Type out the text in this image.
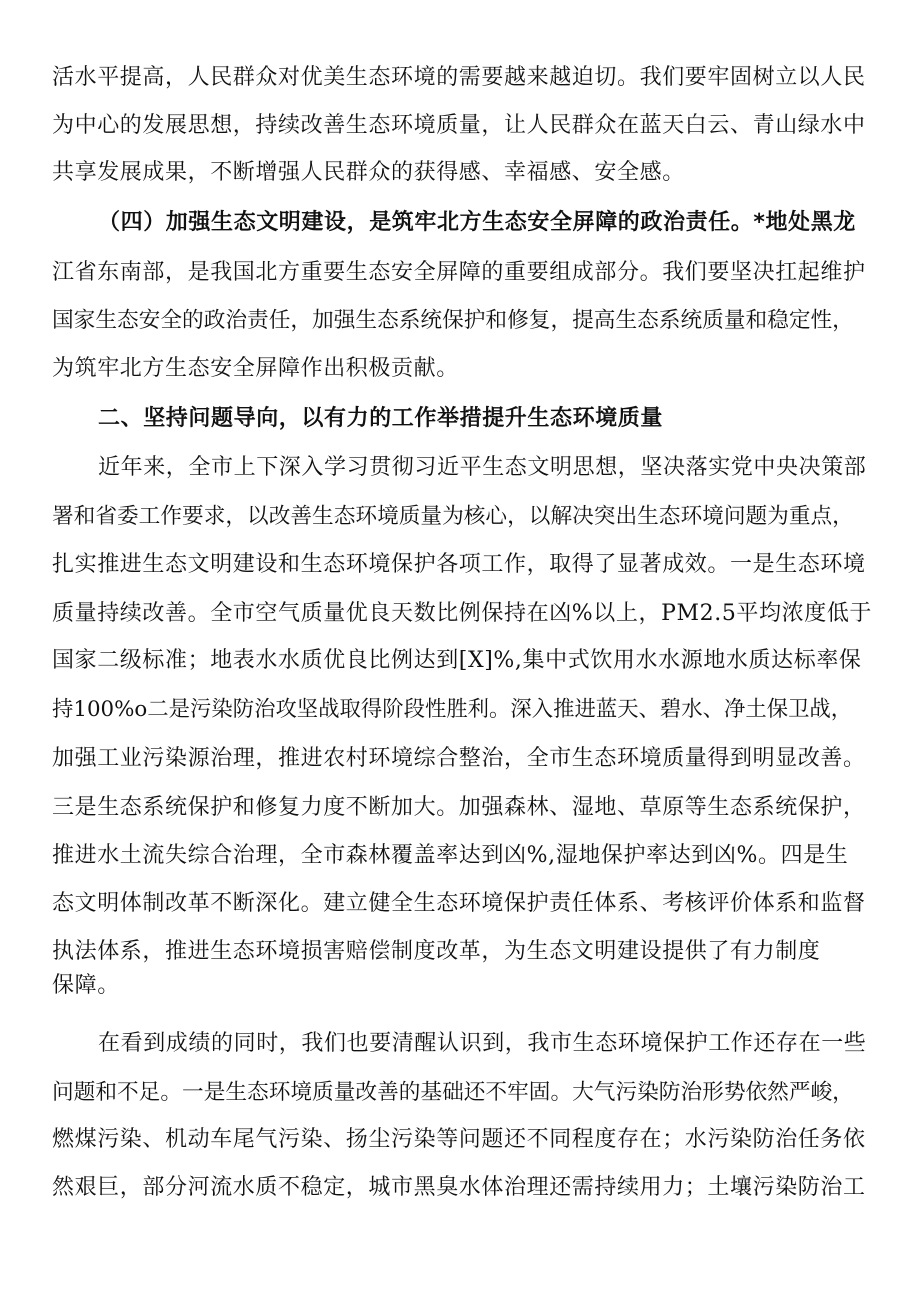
活水平提高，人民群众对优美生态环境的需要越来越迫切。我们要牢固树立以人民
为中心的发展思想，持续改善生态环境质量，让人民群众在蓝天白云、青山绿水中
共享发展成果，不断增强人民群众的获得感、幸福感、安全感。
（四）加强生态文明建设，是筑牢北方生态安全屏障的政治责任。*地处黑龙
江省东南部，是我国北方重要生态安全屏障的重要组成部分。我们要坚决扛起维护
国家生态安全的政治责任，加强生态系统保护和修复，提高生态系统质量和稳定性，
为筑牢北方生态安全屏障作出积极贡献。
二、坚持问题导向，以有力的工作举措提升生态环境质量
近年来，全市上下深入学习贯彻习近平生态文明思想，坚决落实党中央决策部
署和省委工作要求，以改善生态环境质量为核心，以解决突出生态环境问题为重点，
扎实推进生态文明建设和生态环境保护各项工作，取得了显著成效。一是生态环境
质量持续改善。全市空气质量优良天数比例保持在凶%以上，PM2.5平均浓度低于
国家二级标准；地表水水质优良比例达到[X]%,集中式饮用水水源地水质达标率保
持100%o二是污染防治攻坚战取得阶段性胜利。深入推进蓝天、碧水、净土保卫战，
加强工业污染源治理，推进农村环境综合整治，全市生态环境质量得到明显改善。
三是生态系统保护和修复力度不断加大。加强森林、湿地、草原等生态系统保护，
推进水土流失综合治理，全市森林覆盖率达到凶%,湿地保护率达到凶%。四是生
态文明体制改革不断深化。建立健全生态环境保护责任体系、考核评价体系和监督
执法体系，推进生态环境损害赔偿制度改革，为生态文明建设提供了有力制度
保障。
在看到成绩的同时，我们也要清醒认识到，我市生态环境保护工作还存在一些
问题和不足。一是生态环境质量改善的基础还不牢固。大气污染防治形势依然严峻，
燃煤污染、机动车尾气污染、扬尘污染等问题还不同程度存在；水污染防治任务依
然艰巨，部分河流水质不稳定，城市黑臭水体治理还需持续用力；土壤污染防治工
